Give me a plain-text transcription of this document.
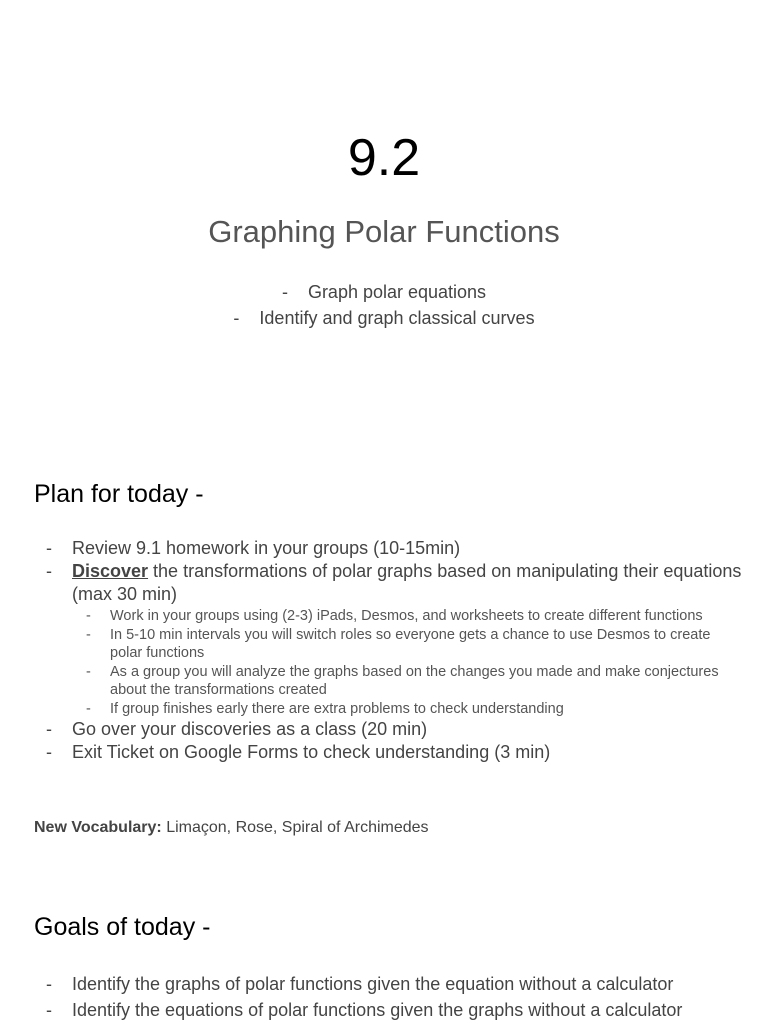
9.2
Graphing Polar Functions
- Graph polar equations
- Identify and graph classical curves
Plan for today -
- Review 9.1 homework in your groups (10-15min)
- Discover the transformations of polar graphs based on manipulating their equations (max 30 min)
- Work in your groups using (2-3) iPads, Desmos, and worksheets to create different functions
- In 5-10 min intervals you will switch roles so everyone gets a chance to use Desmos to create polar functions
- As a group you will analyze the graphs based on the changes you made and make conjectures about the transformations created
- If group finishes early there are extra problems to check understanding
- Go over your discoveries as a class (20 min)
- Exit Ticket on Google Forms to check understanding (3 min)
New Vocabulary: Limaçon, Rose, Spiral of Archimedes
Goals of today -
- Identify the graphs of polar functions given the equation without a calculator
- Identify the equations of polar functions given the graphs without a calculator
